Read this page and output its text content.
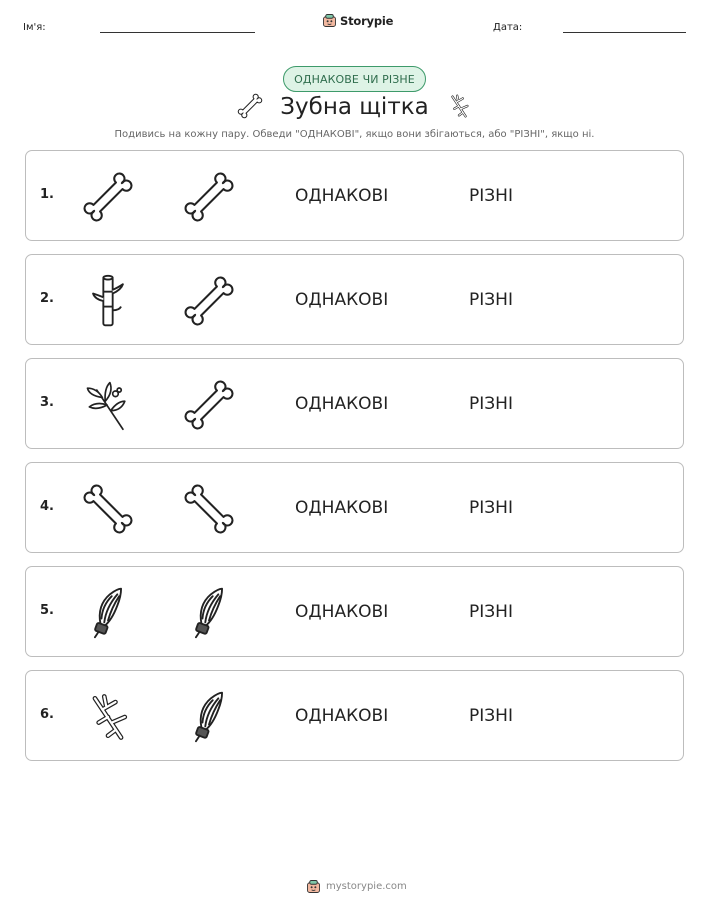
Ім'я:	Storypie	Дата:
ОДНАКОВЕ ЧИ РІЗНЕ
Зубна щітка
Подивись на кожну пару. Обведи "ОДНАКОВІ", якщо вони збігаються, або "РІЗНІ", якщо ні.
1.	ОДНАКОВІ	РІЗНІ
2.	ОДНАКОВІ	РІЗНІ
3.	ОДНАКОВІ	РІЗНІ
4.	ОДНАКОВІ	РІЗНІ
5.	ОДНАКОВІ	РІЗНІ
6.	ОДНАКОВІ	РІЗНІ
mystorypie.com
